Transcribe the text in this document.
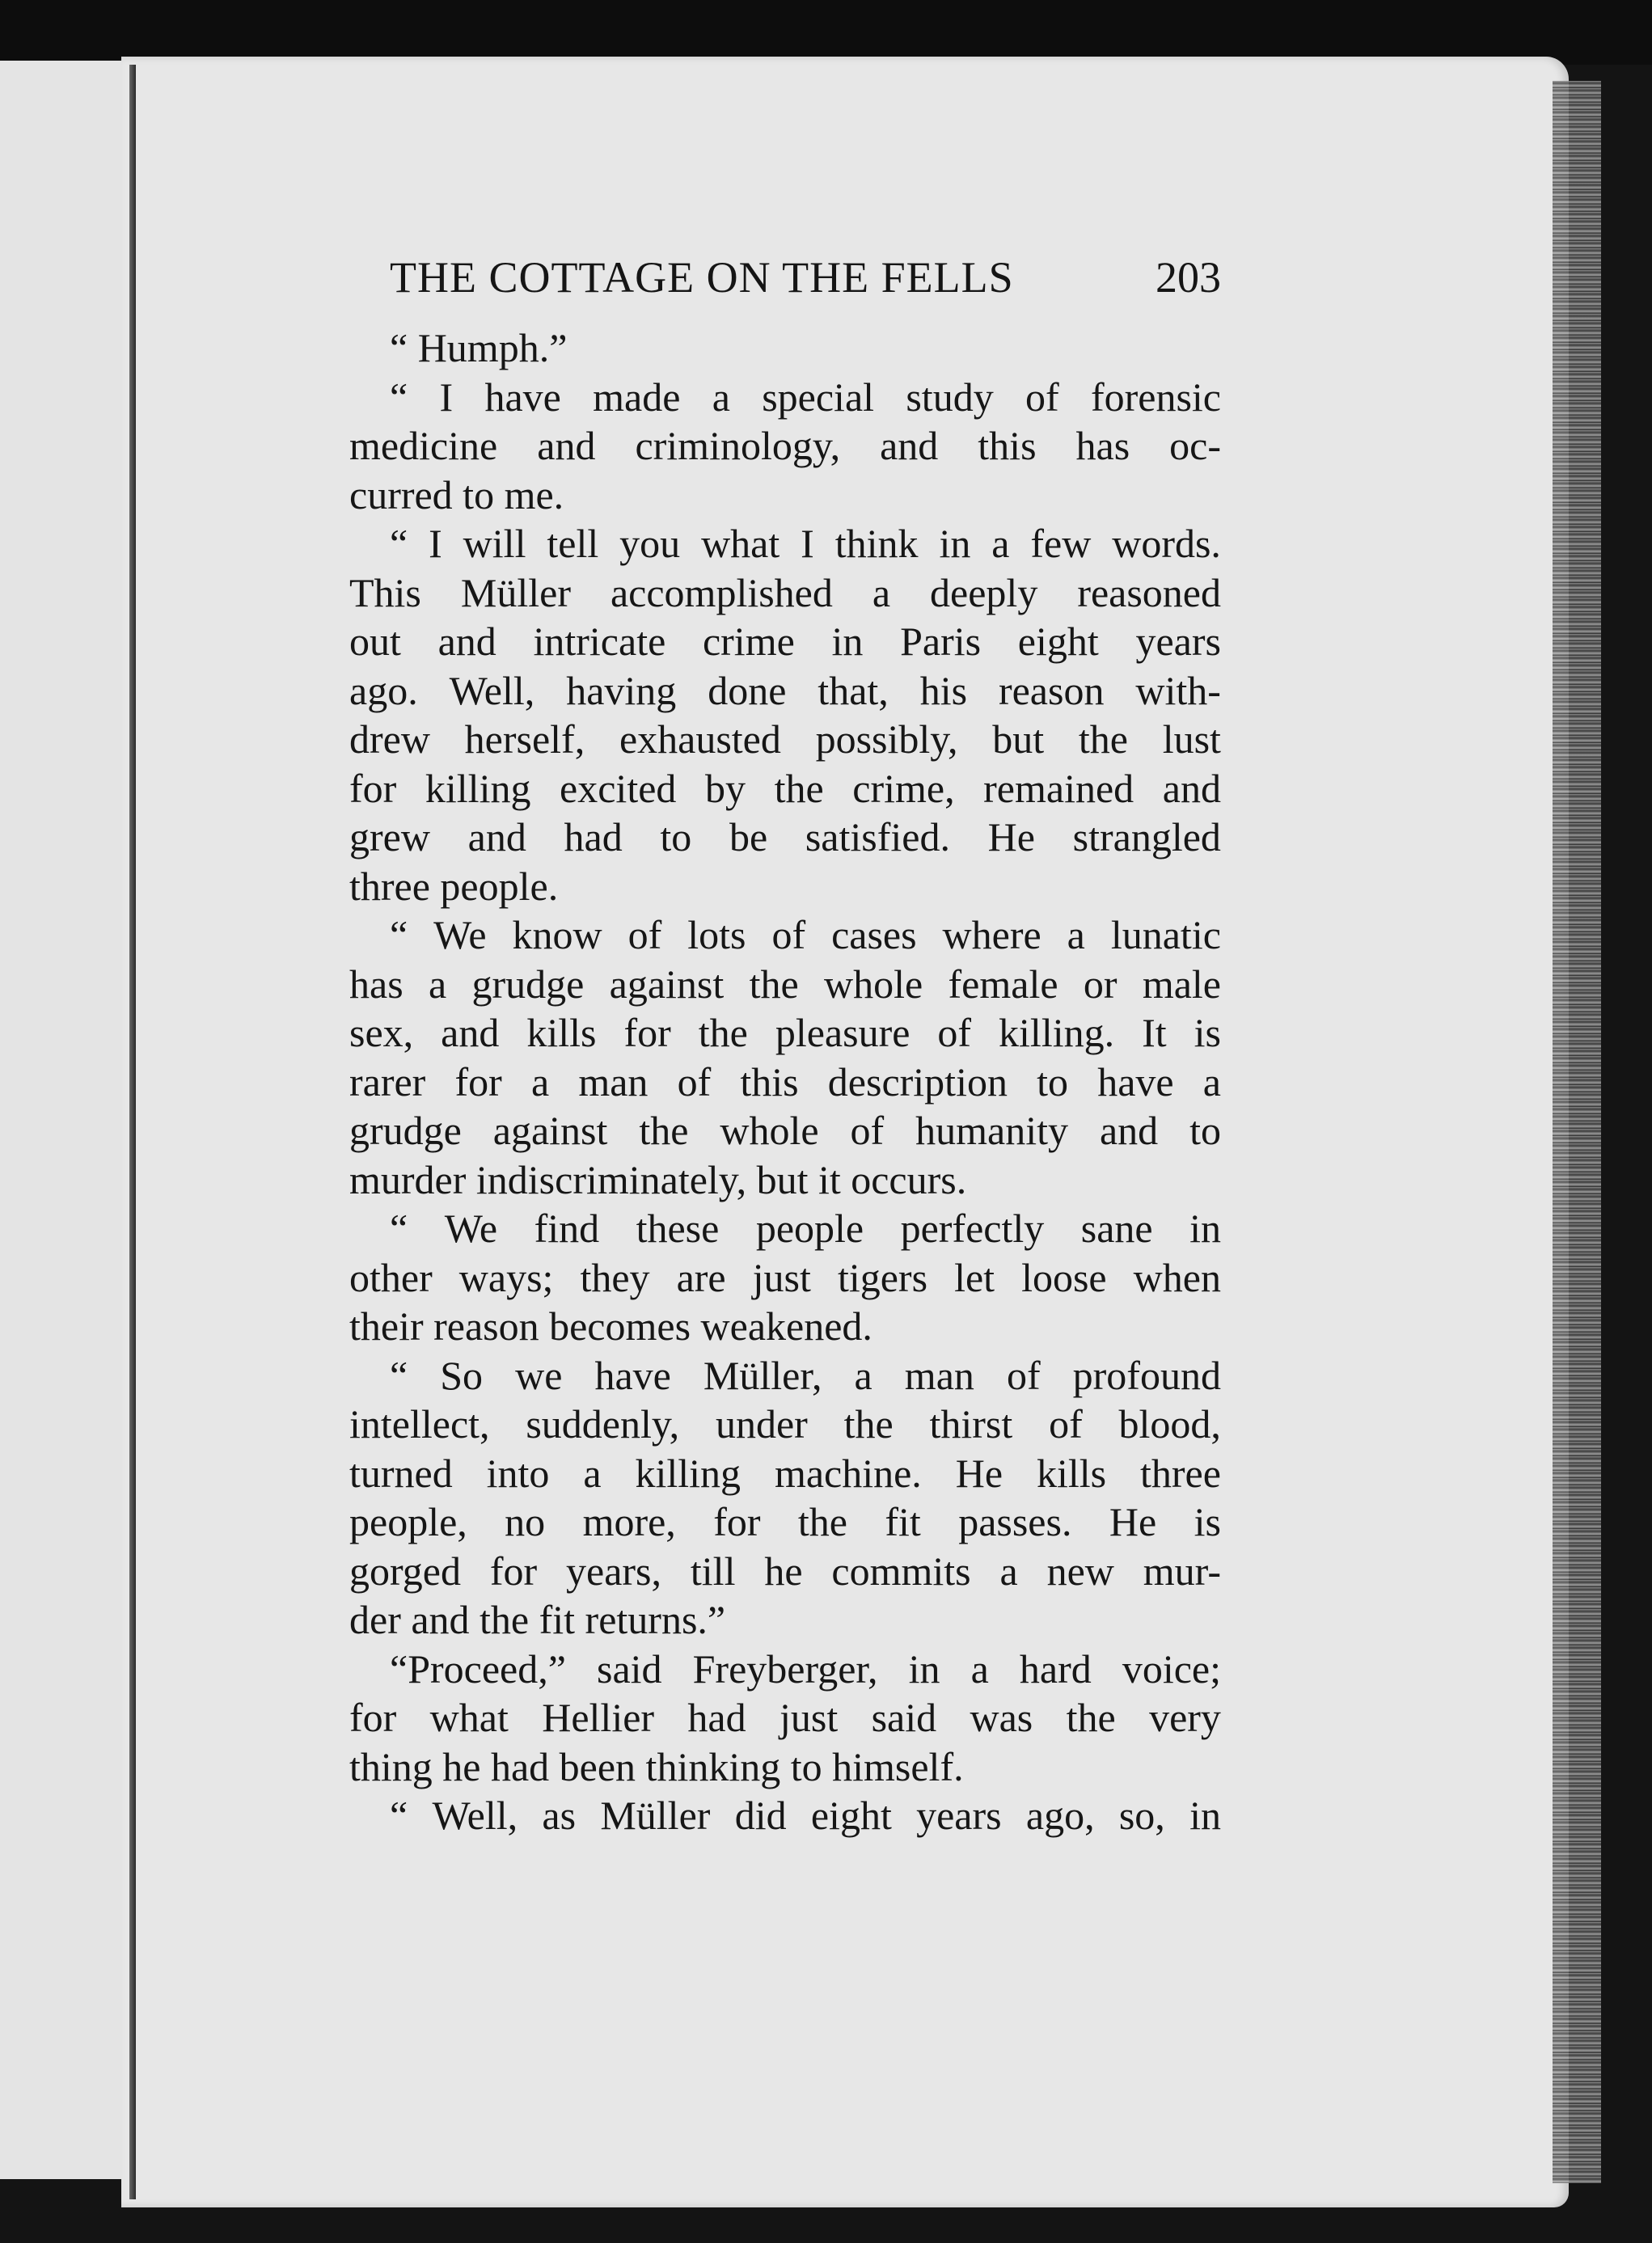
THE COTTAGE ON THE FELLS	203
“ Humph.”
“ I have made a special study of forensic
medicine and criminology, and this has oc-
curred to me.
“ I will tell you what I think in a few words.
This Müller accomplished a deeply reasoned
out and intricate crime in Paris eight years
ago. Well, having done that, his reason with-
drew herself, exhausted possibly, but the lust
for killing excited by the crime, remained and
grew and had to be satisfied. He strangled
three people.
“ We know of lots of cases where a lunatic
has a grudge against the whole female or male
sex, and kills for the pleasure of killing. It is
rarer for a man of this description to have a
grudge against the whole of humanity and to
murder indiscriminately, but it occurs.
“ We find these people perfectly sane in
other ways; they are just tigers let loose when
their reason becomes weakened.
“ So we have Müller, a man of profound
intellect, suddenly, under the thirst of blood,
turned into a killing machine. He kills three
people, no more, for the fit passes. He is
gorged for years, till he commits a new mur-
der and the fit returns.”
“Proceed,” said Freyberger, in a hard voice;
for what Hellier had just said was the very
thing he had been thinking to himself.
“ Well, as Müller did eight years ago, so, in
